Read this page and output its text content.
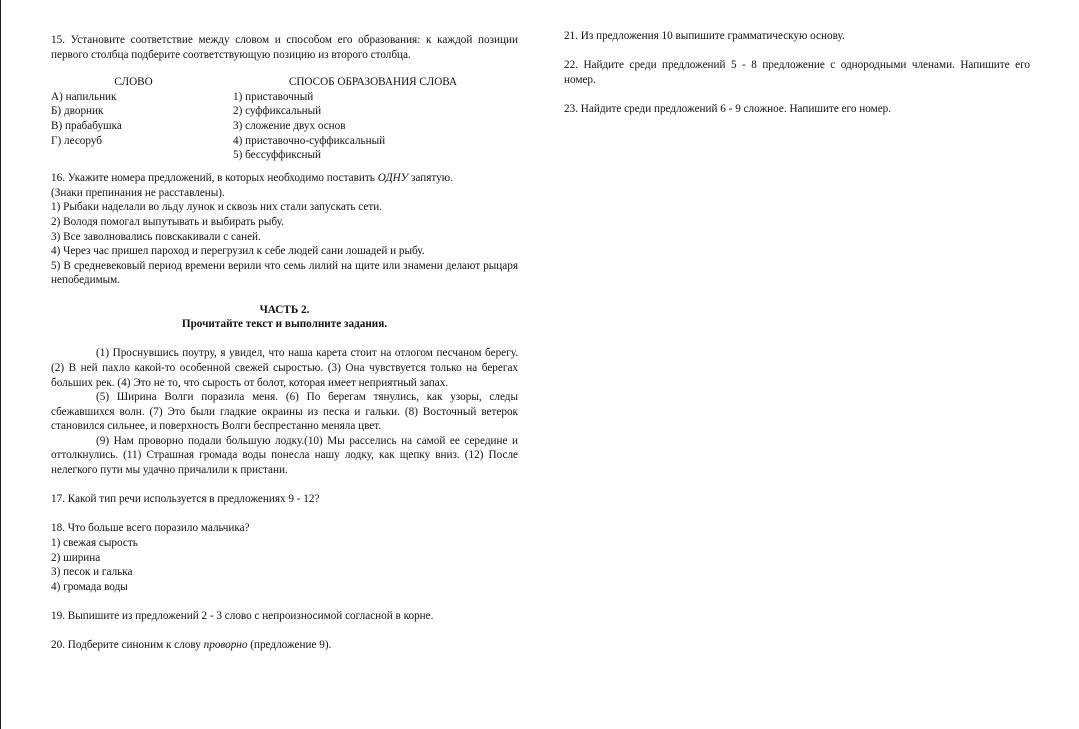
15. Установите соответствие между словом и способом его образования: к каждой позиции первого столбца подберите соответствующую позицию из второго столбца.

СЛОВО
А) напильник
Б) дворник
В) прабабушка
Г) лесоруб
СПОСОБ ОБРАЗОВАНИЯ СЛОВА
1) приставочный
2) суффиксальный
3) сложение двух основ
4) приставочно-суффиксальный
5) бессуффиксный

16. Укажите номера предложений, в которых необходимо поставить ОДНУ запятую.

(Знаки препинания не расставлены).

1) Рыбаки наделали во льду лунок и сквозь них стали запускать сети.

2) Володя помогал выпутывать и выбирать рыбу.

3) Все заволновались повскакивали с саней.

4) Через час пришел пароход и перегрузил к себе людей сани лошадей и рыбу.

5) В средневековый период времени верили что семь лилий на щите или знамени делают рыцаря непобедимым.

ЧАСТЬ 2.

Прочитайте текст и выполните задания.

(1) Проснувшись поутру, я увидел, что наша карета стоит на отлогом песчаном берегу. (2) В ней пахло какой-то особенной свежей сыростью. (3) Она чувствуется только на берегах больших рек. (4) Это не то, что сырость от болот, которая имеет неприятный запах.

(5) Ширина Волги поразила меня. (6) По берегам тянулись, как узоры, следы сбежавшихся волн. (7) Это были гладкие окраины из песка и гальки. (8) Восточный ветерок становился сильнее, и поверхность Волги беспрестанно меняла цвет.

(9) Нам проворно подали большую лодку.(10) Мы расселись на самой ее середине и оттолкнулись. (11) Страшная громада воды понесла нашу лодку, как щепку вниз. (12) После нелегкого пути мы удачно причалили к пристани.

17. Какой тип речи используется в предложениях 9 - 12?

18. Что больше всего поразило мальчика?

1) свежая сырость

2) ширина

3) песок и галька

4) громада воды

19. Выпишите из предложений 2 - 3 слово с непроизносимой согласной в корне.

20. Подберите синоним к слову проворно (предложение 9).

21. Из предложения 10 выпишите грамматическую основу.

22. Найдите среди предложений 5 - 8 предложение с однородными членами. Напишите его номер.

23. Найдите среди предложений 6 - 9 сложное. Напишите его номер.
